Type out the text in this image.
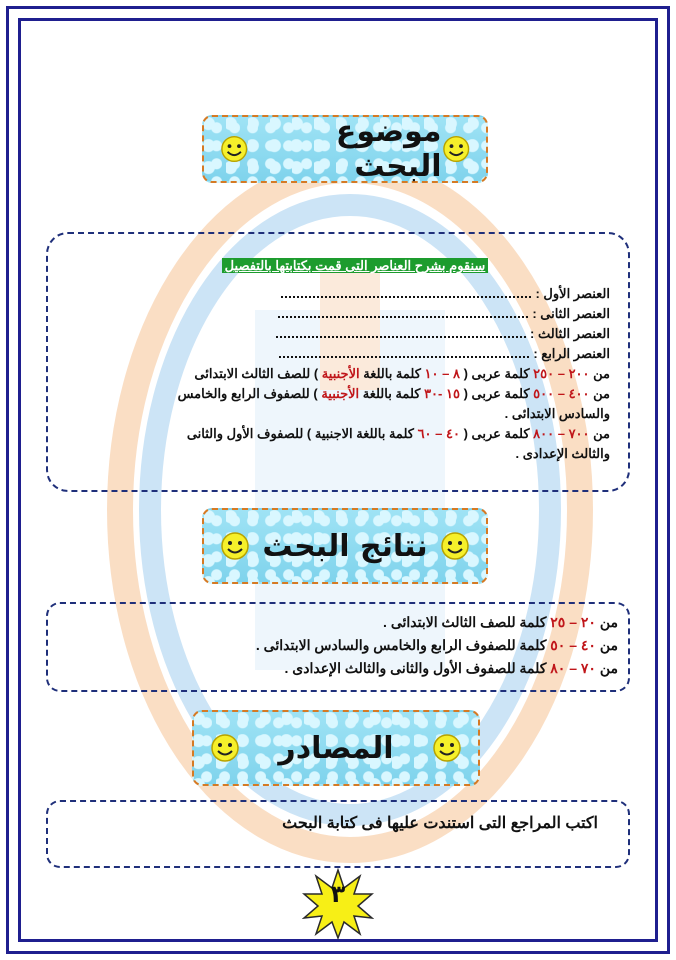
موضوع البحث
سنقوم بشرح العناصر التى قمت بكتابتها بالتفصيل
العنصر الأول :
العنصر الثانى :
العنصر الثالث :
العنصر الرابع :
من ٢٠٠ – ٢٥٠ كلمة عربى ( ٨ – ١٠ كلمة باللغة الأجنبية ) للصف الثالث الابتدائى
من ٤٠٠ – ٥٠٠ كلمة عربى ( ١٥ -٣٠ كلمة باللغة الأجنبية ) للصفوف الرابع والخامس
والسادس الابتدائى .
من ٧٠٠ – ٨٠٠ كلمة عربى ( ٤٠ – ٦٠ كلمة باللغة الاجنبية ) للصفوف الأول والثانى
والثالث الإعدادى .
نتائج البحث
من ٢٠ – ٢٥ كلمة للصف الثالث الابتدائى .
من ٤٠ – ٥٠ كلمة للصفوف الرابع والخامس والسادس الابتدائى .
من ٧٠ – ٨٠ كلمة للصفوف الأول والثانى والثالث الإعدادى .
المصادر
اكتب المراجع التى استندت عليها فى كتابة البحث
٣
